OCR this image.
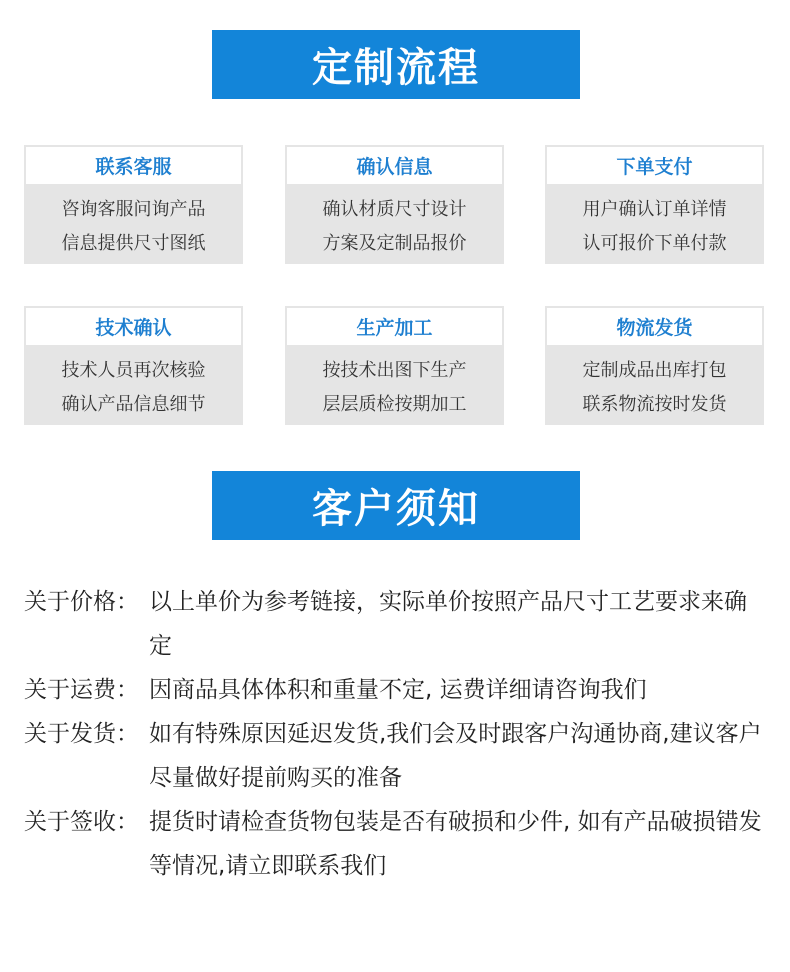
定制流程
联系客服
咨询客服问询产品
信息提供尺寸图纸
确认信息
确认材质尺寸设计
方案及定制品报价
下单支付
用户确认订单详情
认可报价下单付款
技术确认
技术人员再次核验
确认产品信息细节
生产加工
按技术出图下生产
层层质检按期加工
物流发货
定制成品出库打包
联系物流按时发货
客户须知
关于价格： 以上单价为参考链接，实际单价按照产品尺寸工艺要求来确定
关于运费： 因商品具体体积和重量不定, 运费详细请咨询我们
关于发货： 如有特殊原因延迟发货,我们会及时跟客户沟通协商,建议客户尽量做好提前购买的准备
关于签收： 提货时请检查货物包装是否有破损和少件, 如有产品破损错发等情况,请立即联系我们
